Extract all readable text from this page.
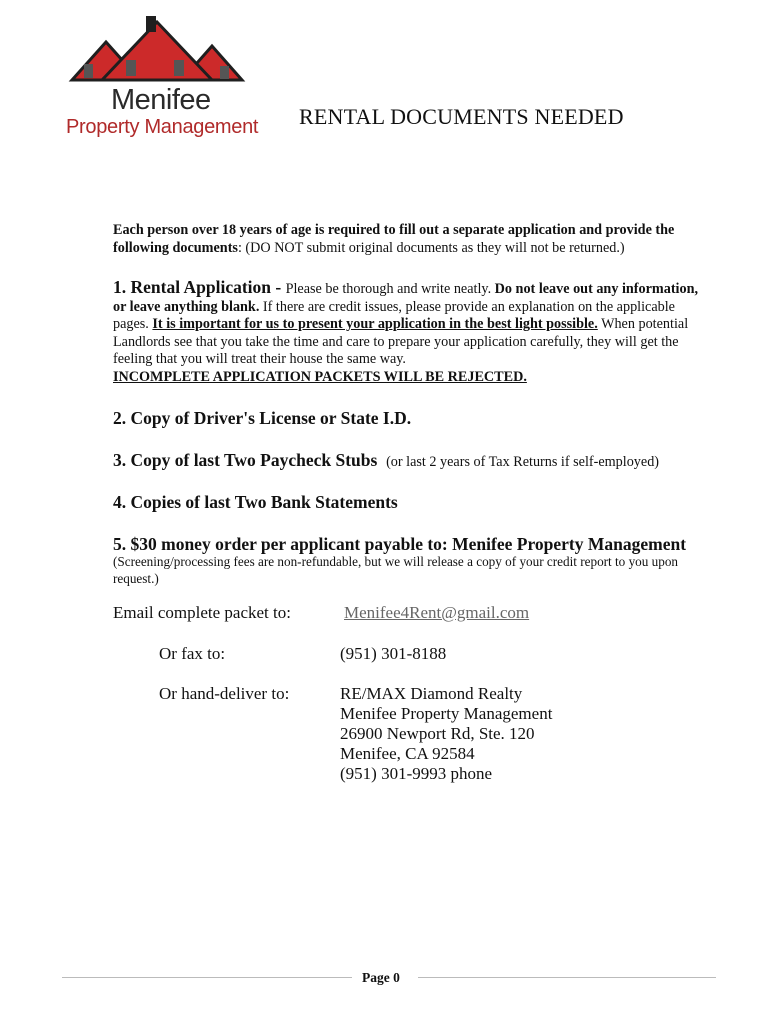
Menifee
Property Management RENTAL DOCUMENTS NEEDED
Each person over 18 years of age is required to fill out a separate application and provide the following documents: (DO NOT submit original documents as they will not be returned.)
1. Rental Application - Please be thorough and write neatly. Do not leave out any information, or leave anything blank. If there are credit issues, please provide an explanation on the applicable pages. It is important for us to present your application in the best light possible. When potential Landlords see that you take the time and care to prepare your application carefully, they will get the feeling that you will treat their house the same way.
INCOMPLETE APPLICATION PACKETS WILL BE REJECTED.
2. Copy of Driver's License or State I.D.
3. Copy of last Two Paycheck Stubs (or last 2 years of Tax Returns if self-employed)
4. Copies of last Two Bank Statements
5. $30 money order per applicant payable to: Menifee Property Management
(Screening/processing fees are non-refundable, but we will release a copy of your credit report to you upon request.)
Email complete packet to:	Menifee4Rent@gmail.com
Or fax to:	(951) 301-8188
Or hand-deliver to:	RE/MAX Diamond Realty
Menifee Property Management
26900 Newport Rd, Ste. 120
Menifee, CA 92584
(951) 301-9993 phone
Page 0
